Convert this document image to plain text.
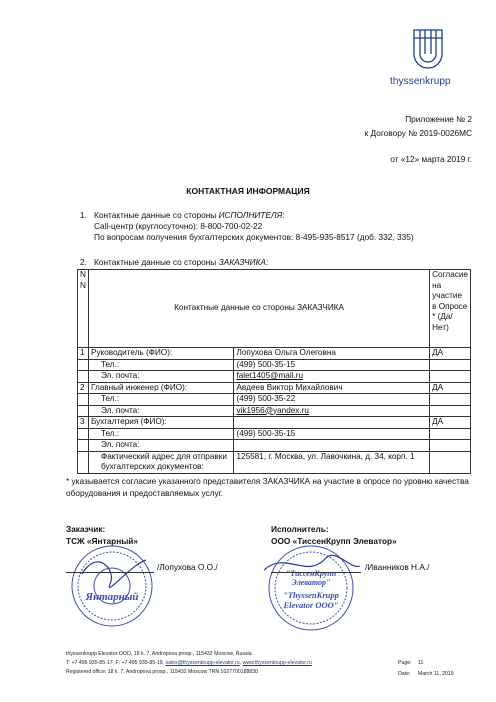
thyssenkrupp
Приложение № 2
к Договору № 2019-0026МС
от «12» марта 2019 г.
КОНТАКТНАЯ ИНФОРМАЦИЯ
1. Контактные данные со стороны ИСПОЛНИТЕЛЯ:
Call-центр (круглосуточно): 8-800-700-02-22
По вопросам получения бухгалтерских документов: 8-495-935-8517 (доб. 332, 335)
2. Контактные данные со стороны ЗАКАЗЧИКА:
N N	Контактные данные со стороны ЗАКАЗЧИКА		Согласие на участие в Опросе * (Да/Нет)
1	Руководитель (ФИО):	Лопухова Ольга Олеговна	ДА
	Тел.:	(499) 500-35-15	
	Эл. почта:	falet1405@mail.ru	
2	Главный инженер (ФИО):	Авдеев Виктор Михайлович	ДА
	Тел.:	(499) 500-35-22	
	Эл. почта:	vik1956@yandex.ru	
3	Бухгалтерия (ФИО):		ДА
	Тел.:	(499) 500-35-15	
	Эл. почта:		
	Фактический адрес для отправки бухгалтерских документов:	125581, г. Москва, ул. Лавочкина, д. 34, корп. 1	
* указывается согласие указанного представителя ЗАКАЗЧИКА на участие в опросе по уровню качества оборудования и предоставляемых услуг.
Заказчик:
ТСЖ «Янтарный»
Янтарный
/Лопухова О.О./
Исполнитель:
ООО «ТиссенКрупп Элеватор»
"ТиссенКрупп
Элеватор"
"ThyssenKrupp
Elevator OOO"
/Иванников Н.А./
thyssenkrupp Elevator OOO, 18 k. 7, Andropova prosp., 115432 Moscow, Russia
T: +7 495 935-85-17, F: +7 495 935-85-19, sales@thyssenkrupp-elevator.ru, www.thyssenkrupp-elevator.ru
Registered office: 18 k. 7, Andropova prosp., 115432 Moscow TRN 1027700188830
Page: 11
Date: March 11, 2019
